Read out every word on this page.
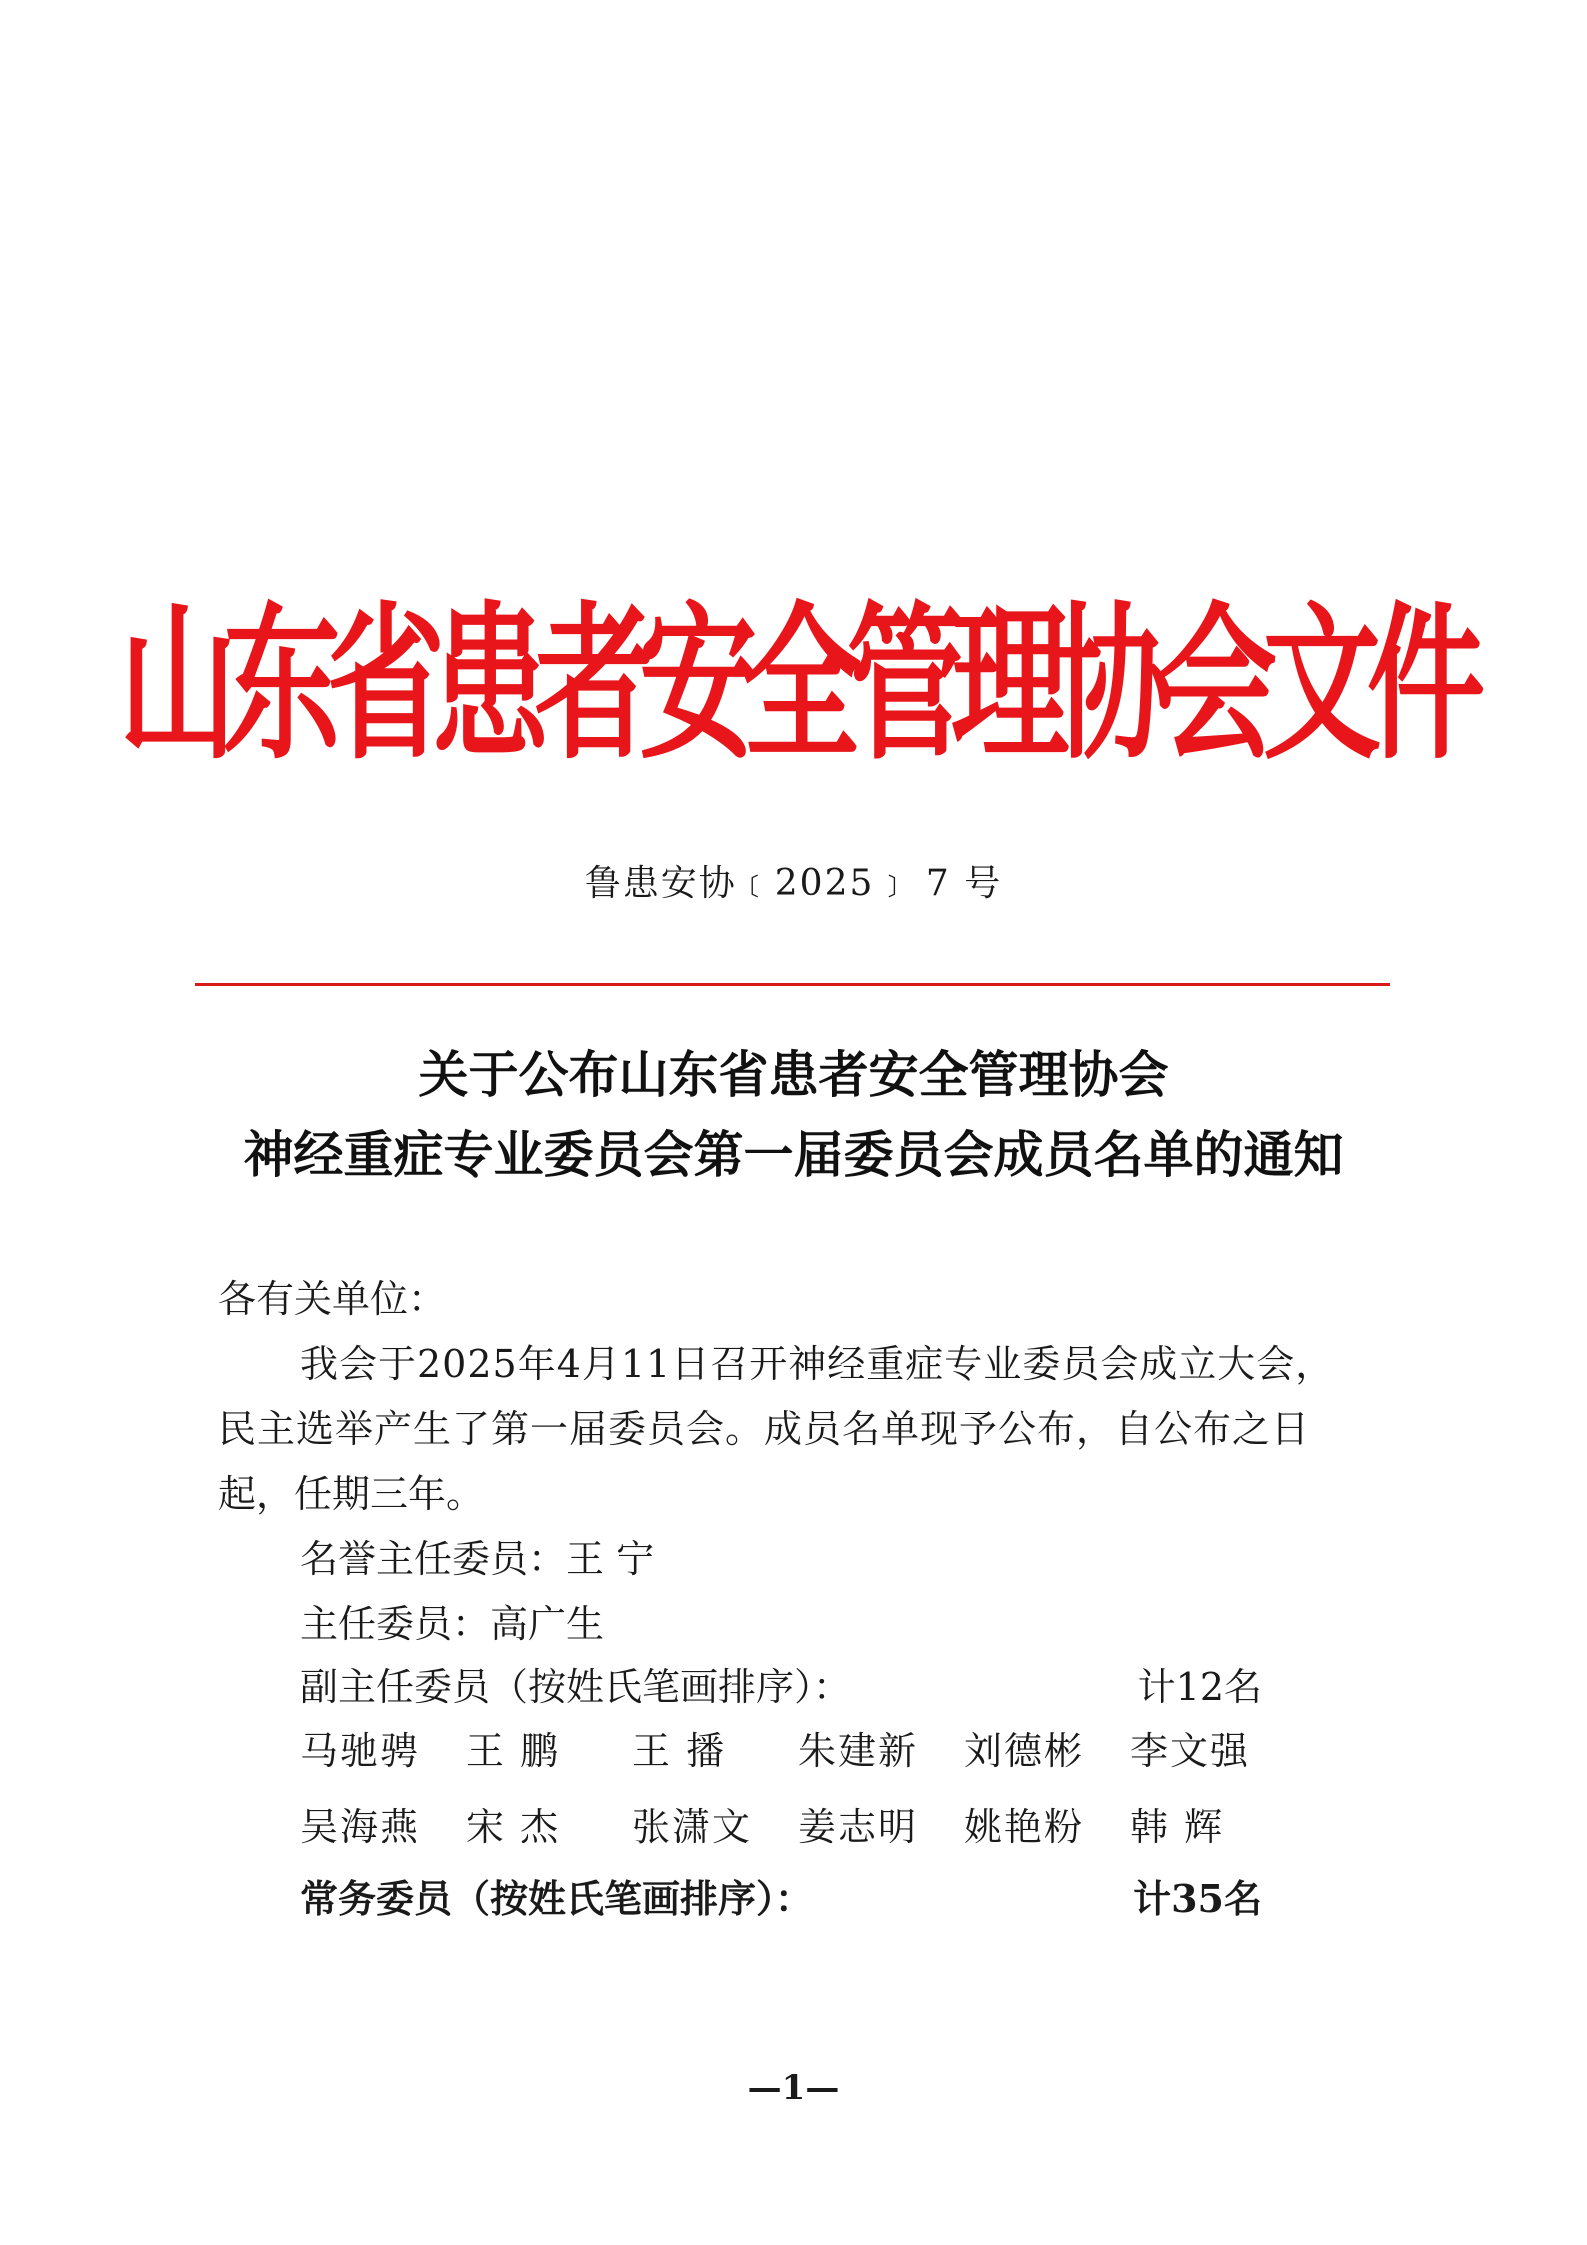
山东省患者安全管理协会文件
鲁患安协﹝2025﹞ 7 号
关于公布山东省患者安全管理协会
神经重症专业委员会第一届委员会成员名单的通知
各有关单位：
我会于2025年4月11日召开神经重症专业委员会成立大会，
民主选举产生了第一届委员会。成员名单现予公布，自公布之日
起，任期三年。
名誉主任委员：王 宁
主任委员：高广生
副主任委员（按姓氏笔画排序）：	计12名
马驰骋 王 鹏	王 播	朱建新 刘德彬 李文强
吴海燕 宋 杰	张潇文 姜志明 姚艳粉 韩 辉
常务委员（按姓氏笔画排序）：	计35名
—1—
